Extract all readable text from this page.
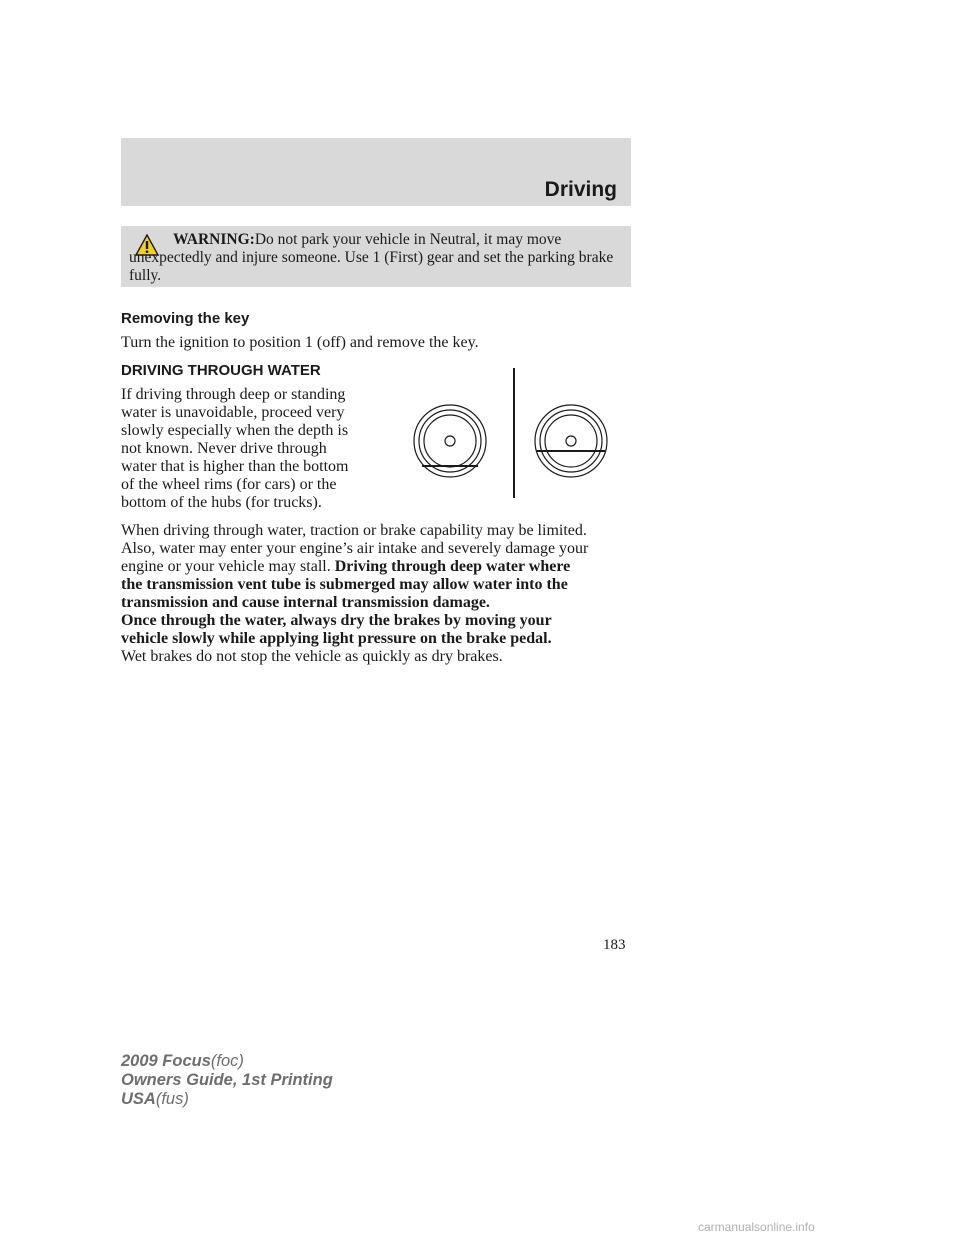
Driving
WARNING:Do not park your vehicle in Neutral, it may move unexpectedly and injure someone. Use 1 (First) gear and set the parking brake fully.
Removing the key
Turn the ignition to position 1 (off) and remove the key.
DRIVING THROUGH WATER
If driving through deep or standing
water is unavoidable, proceed very
slowly especially when the depth is
not known. Never drive through
water that is higher than the bottom
of the wheel rims (for cars) or the
bottom of the hubs (for trucks).
When driving through water, traction or brake capability may be limited.
Also, water may enter your engine’s air intake and severely damage your
engine or your vehicle may stall. Driving through deep water where
the transmission vent tube is submerged may allow water into the
transmission and cause internal transmission damage.
Once through the water, always dry the brakes by moving your
vehicle slowly while applying light pressure on the brake pedal.
Wet brakes do not stop the vehicle as quickly as dry brakes.
183
2009 Focus(foc)
Owners Guide, 1st Printing
USA(fus)
carmanualsonline.info
